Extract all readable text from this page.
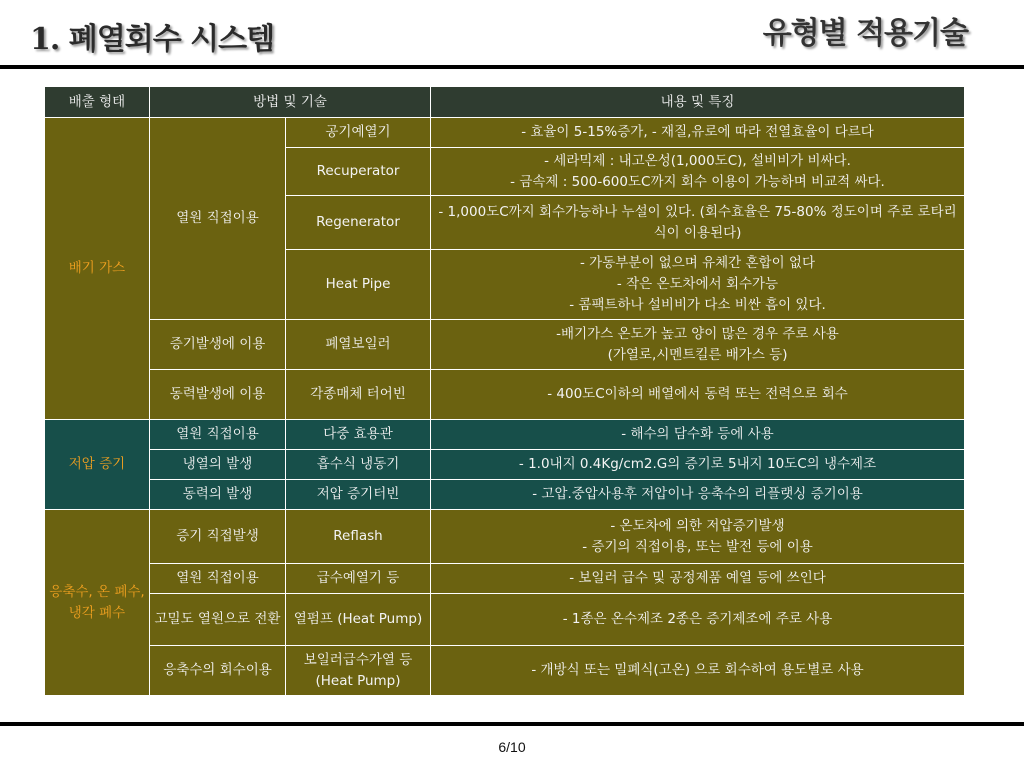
1. 폐열회수 시스템	유형별 적용기술
배출 형태	방법 및 기술		내용 및 특징
배기 가스	열원 직접이용	공기예열기	- 효율이 5-15%증가, - 재질,유로에 따라 전열효율이 다르다
		Recuperator	- 세라믹제 : 내고온성(1,000도C), 설비비가 비싸다.
- 금속제 : 500-600도C까지 회수 이용이 가능하며 비교적 싸다.
		Regenerator	- 1,000도C까지 회수가능하나 누설이 있다. (회수효율은 75-80% 정도이며 주로 로타리식이 이용된다)
		Heat Pipe	- 가동부분이 없으며 유체간 혼합이 없다
- 작은 온도차에서 회수가능
- 콤팩트하나 설비비가 다소 비싼 흠이 있다.
	증기발생에 이용	폐열보일러	-배기가스 온도가 높고 양이 많은 경우 주로 사용
(가열로,시멘트킬른 배가스 등)
	동력발생에 이용	각종매체 터어빈	- 400도C이하의 배열에서 동력 또는 전력으로 회수
저압 증기	열원 직접이용	다중 효용관	- 해수의 담수화 등에 사용
	냉열의 발생	흡수식 냉동기	- 1.0내지 0.4Kg/cm2.G의 증기로 5내지 10도C의 냉수제조
	동력의 발생	저압 증기터빈	- 고압.중압사용후 저압이나 응축수의 리플랫싱 증기이용
응축수, 온 폐수, 냉각 폐수	증기 직접발생	Reflash	- 온도차에 의한 저압증기발생
- 증기의 직접이용, 또는 발전 등에 이용
	열원 직접이용	급수예열기 등	- 보일러 급수 및 공정제품 예열 등에 쓰인다
	고밀도 열원으로 전환	열펌프 (Heat Pump)	- 1종은 온수제조 2종은 증기제조에 주로 사용
	응축수의 회수이용	보일러급수가열 등 (Heat Pump)	- 개방식 또는 밀폐식(고온) 으로 회수하여 용도별로 사용
6/10
